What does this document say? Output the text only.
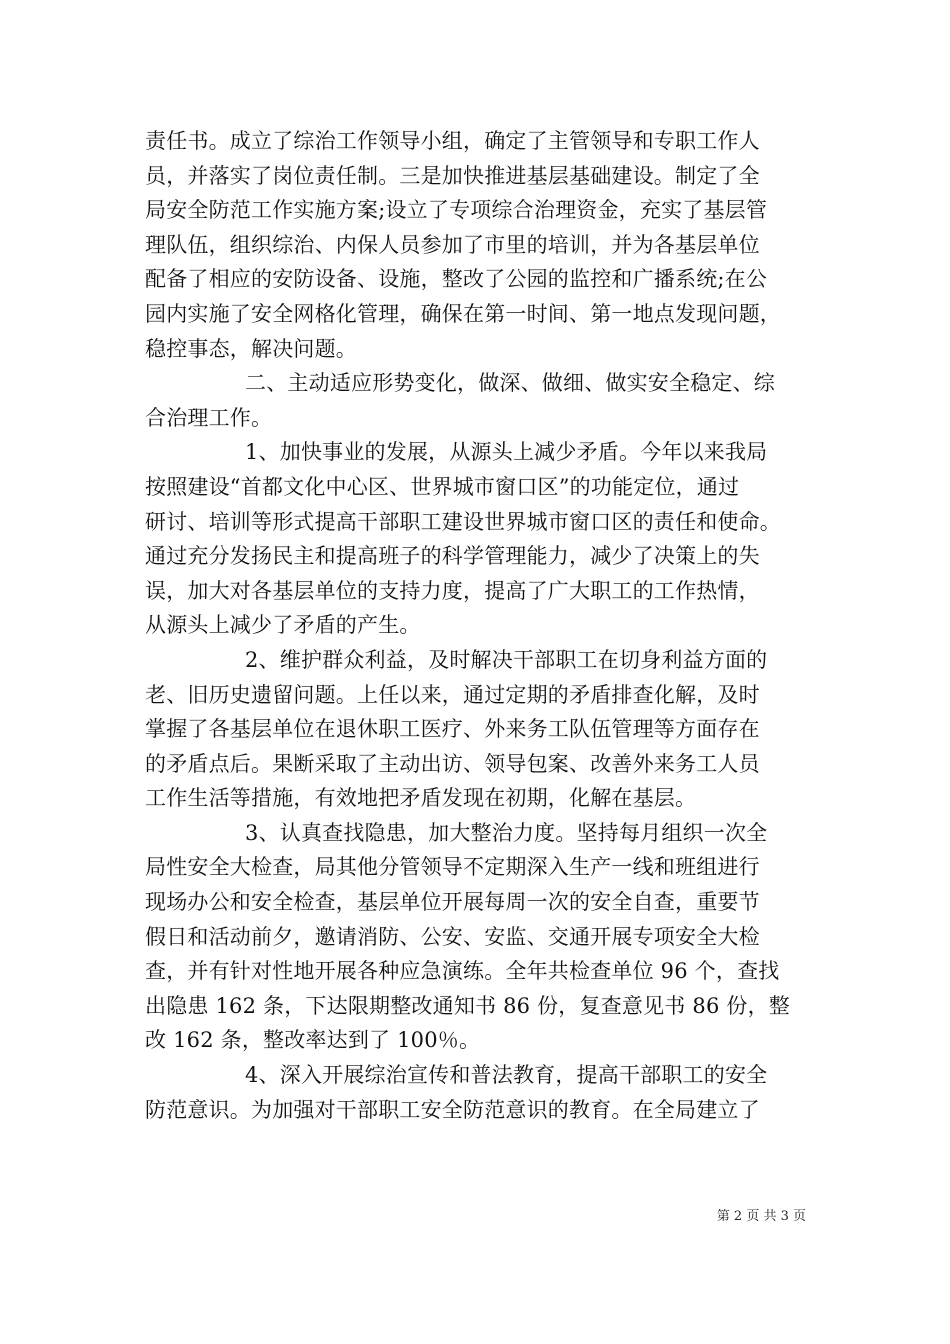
责任书。成立了综治工作领导小组，确定了主管领导和专职工作人
员，并落实了岗位责任制。三是加快推进基层基础建设。制定了全
局安全防范工作实施方案;设立了专项综合治理资金，充实了基层管
理队伍，组织综治、内保人员参加了市里的培训，并为各基层单位
配备了相应的安防设备、设施，整改了公园的监控和广播系统;在公
园内实施了安全网格化管理，确保在第一时间、第一地点发现问题，
稳控事态，解决问题。
二、主动适应形势变化，做深、做细、做实安全稳定、综
合治理工作。
1、加快事业的发展，从源头上减少矛盾。今年以来我局
按照建设“首都文化中心区、世界城市窗口区”的功能定位，通过
研讨、培训等形式提高干部职工建设世界城市窗口区的责任和使命。
通过充分发扬民主和提高班子的科学管理能力，减少了决策上的失
误，加大对各基层单位的支持力度，提高了广大职工的工作热情，
从源头上减少了矛盾的产生。
2、维护群众利益，及时解决干部职工在切身利益方面的
老、旧历史遗留问题。上任以来，通过定期的矛盾排查化解，及时
掌握了各基层单位在退休职工医疗、外来务工队伍管理等方面存在
的矛盾点后。果断采取了主动出访、领导包案、改善外来务工人员
工作生活等措施，有效地把矛盾发现在初期，化解在基层。
3、认真查找隐患，加大整治力度。坚持每月组织一次全
局性安全大检查，局其他分管领导不定期深入生产一线和班组进行
现场办公和安全检查，基层单位开展每周一次的安全自查，重要节
假日和活动前夕，邀请消防、公安、安监、交通开展专项安全大检
查，并有针对性地开展各种应急演练。全年共检查单位 96 个，查找
出隐患 162 条，下达限期整改通知书 86 份，复查意见书 86 份，整
改 162 条，整改率达到了 100％。
4、深入开展综治宣传和普法教育，提高干部职工的安全
防范意识。为加强对干部职工安全防范意识的教育。在全局建立了
第 2 页 共 3 页
